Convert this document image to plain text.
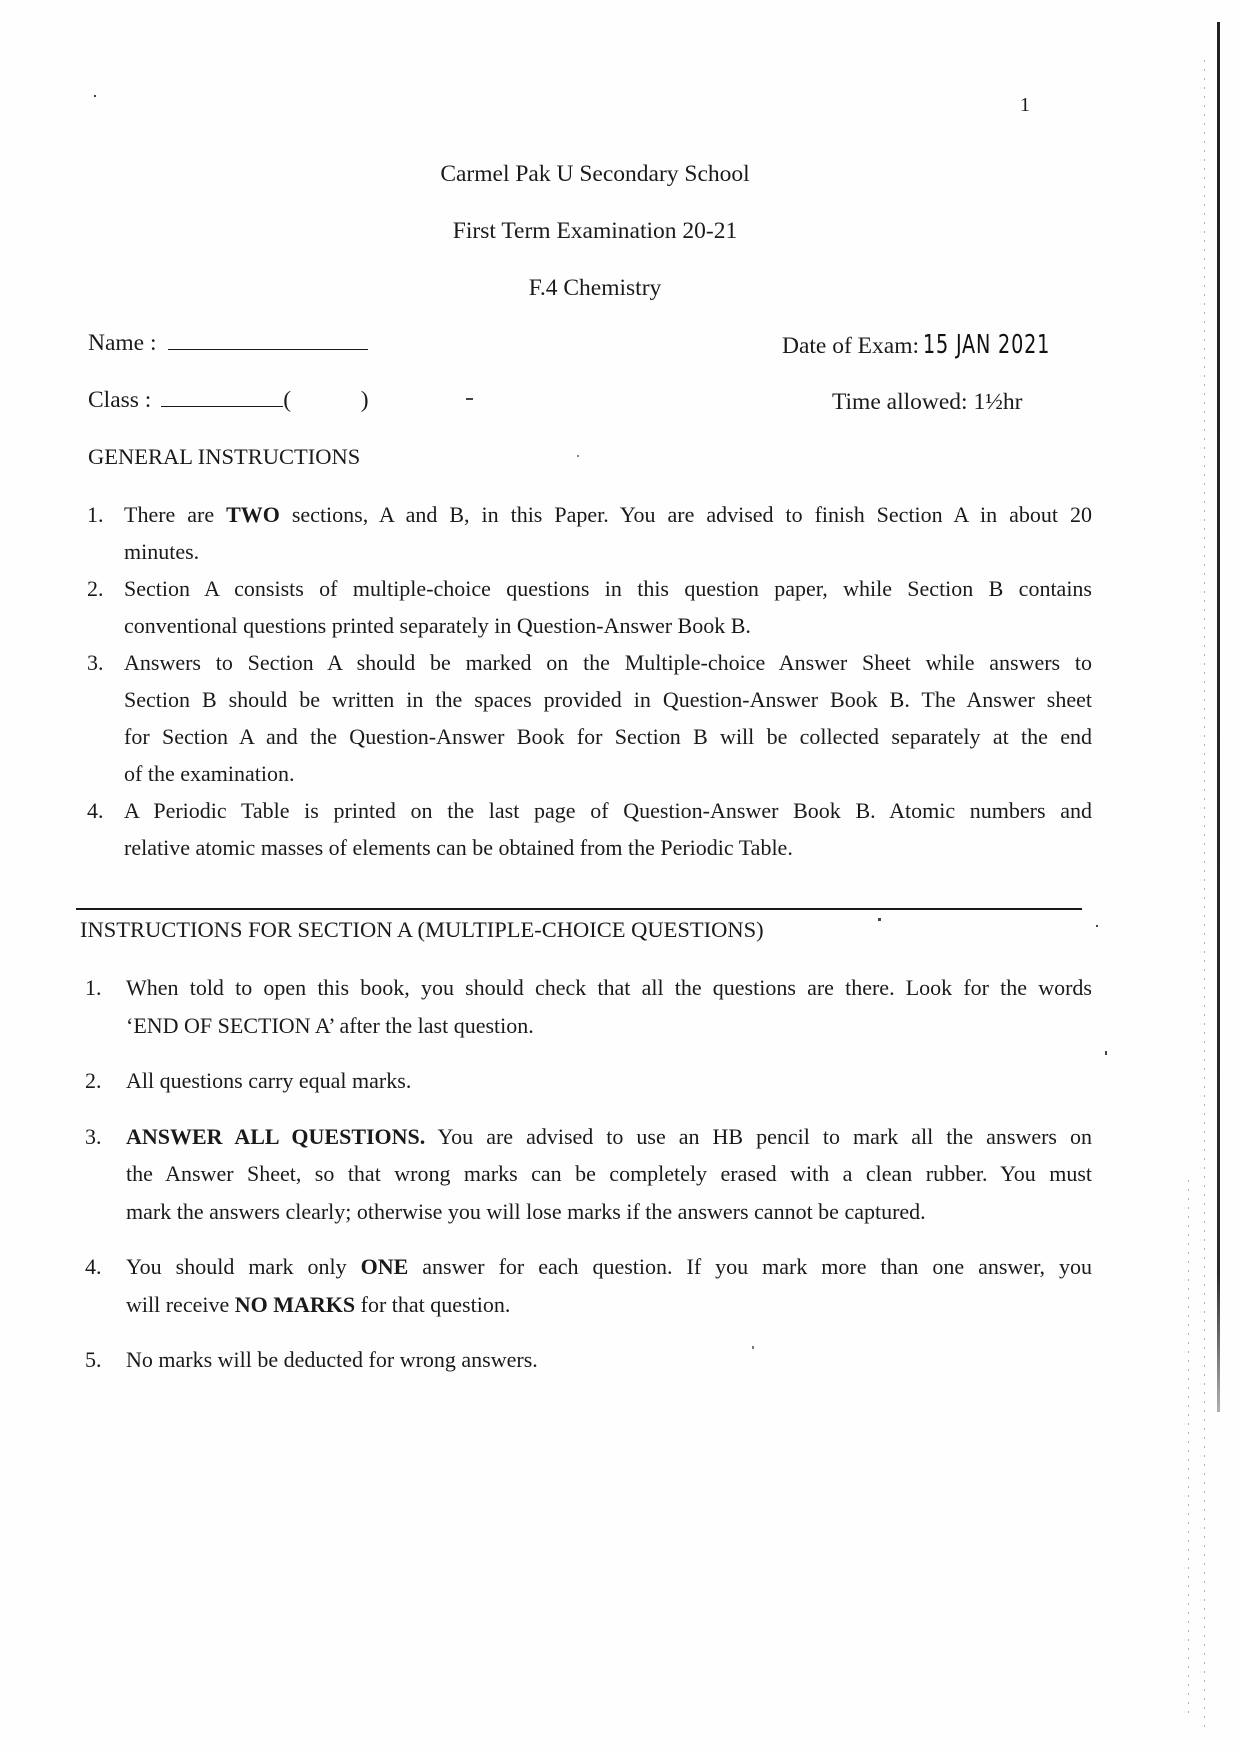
1
Carmel Pak U Secondary School
First Term Examination 20-21
F.4 Chemistry
Name :
Class :	(	)
Date of Exam: 15 JAN 2021
Time allowed: 1½hr
GENERAL INSTRUCTIONS
1. There are TWO sections, A and B, in this Paper. You are advised to finish Section A in about 20
minutes.
2. Section A consists of multiple-choice questions in this question paper, while Section B contains
conventional questions printed separately in Question-Answer Book B.
3. Answers to Section A should be marked on the Multiple-choice Answer Sheet while answers to
Section B should be written in the spaces provided in Question-Answer Book B. The Answer sheet
for Section A and the Question-Answer Book for Section B will be collected separately at the end
of the examination.
4. A Periodic Table is printed on the last page of Question-Answer Book B. Atomic numbers and
relative atomic masses of elements can be obtained from the Periodic Table.
INSTRUCTIONS FOR SECTION A (MULTIPLE-CHOICE QUESTIONS)
1. When told to open this book, you should check that all the questions are there. Look for the words
‘END OF SECTION A’ after the last question.
2. All questions carry equal marks.
3. ANSWER ALL QUESTIONS. You are advised to use an HB pencil to mark all the answers on
the Answer Sheet, so that wrong marks can be completely erased with a clean rubber. You must
mark the answers clearly; otherwise you will lose marks if the answers cannot be captured.
4. You should mark only ONE answer for each question. If you mark more than one answer, you
will receive NO MARKS for that question.
5. No marks will be deducted for wrong answers.
